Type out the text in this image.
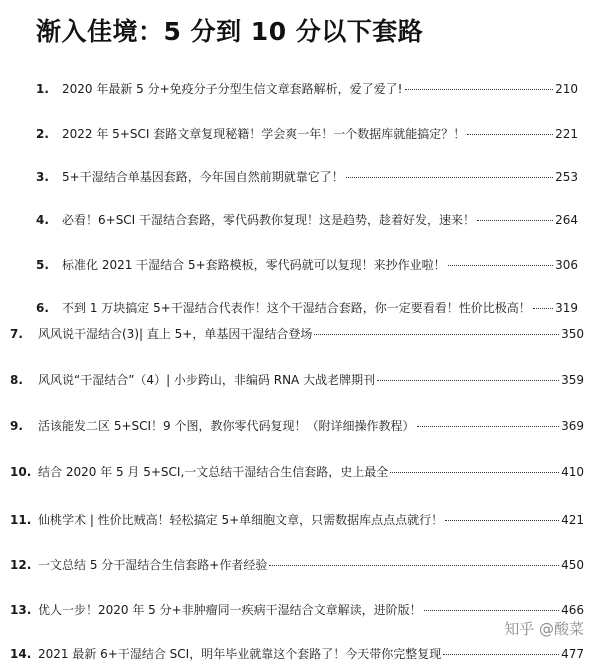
渐入佳境：5 分到 10 分以下套路
1.	2020 年最新 5 分+免疫分子分型生信文章套路解析，爱了爱了!	210
2.	2022 年 5+SCI 套路文章复现秘籍！学会爽一年！一个数据库就能搞定？！	221
3.	5+干湿结合单基因套路，今年国自然前期就靠它了！	253
4.	必看！6+SCI 干湿结合套路，零代码教你复现！这是趋势，趁着好发，速来！	264
5.	标准化 2021 干湿结合 5+套路模板，零代码就可以复现！来抄作业啦！	306
6.	不到 1 万块搞定 5+干湿结合代表作！这个干湿结合套路，你一定要看看！性价比极高！ 319
7.	风风说干湿结合(3)| 直上 5+，单基因干湿结合登场	350
8.	风风说“干湿结合”（4）| 小步跨山，非编码 RNA 大战老牌期刊	359
9.	活该能发二区 5+SCI！9 个图，教你零代码复现！（附详细操作教程）	369
10. 结合 2020 年 5 月 5+SCI,一文总结干湿结合生信套路，史上最全	410
11. 仙桃学术 | 性价比贼高！轻松搞定 5+单细胞文章，只需数据库点点点就行！	421
12. 一文总结 5 分干湿结合生信套路+作者经验	450
13. 优人一步！2020 年 5 分+非肿瘤同一疾病干湿结合文章解读，进阶版！	466
14. 2021 最新 6+干湿结合 SCI，明年毕业就靠这个套路了！今天带你完整复现	477
知乎 @酸菜
